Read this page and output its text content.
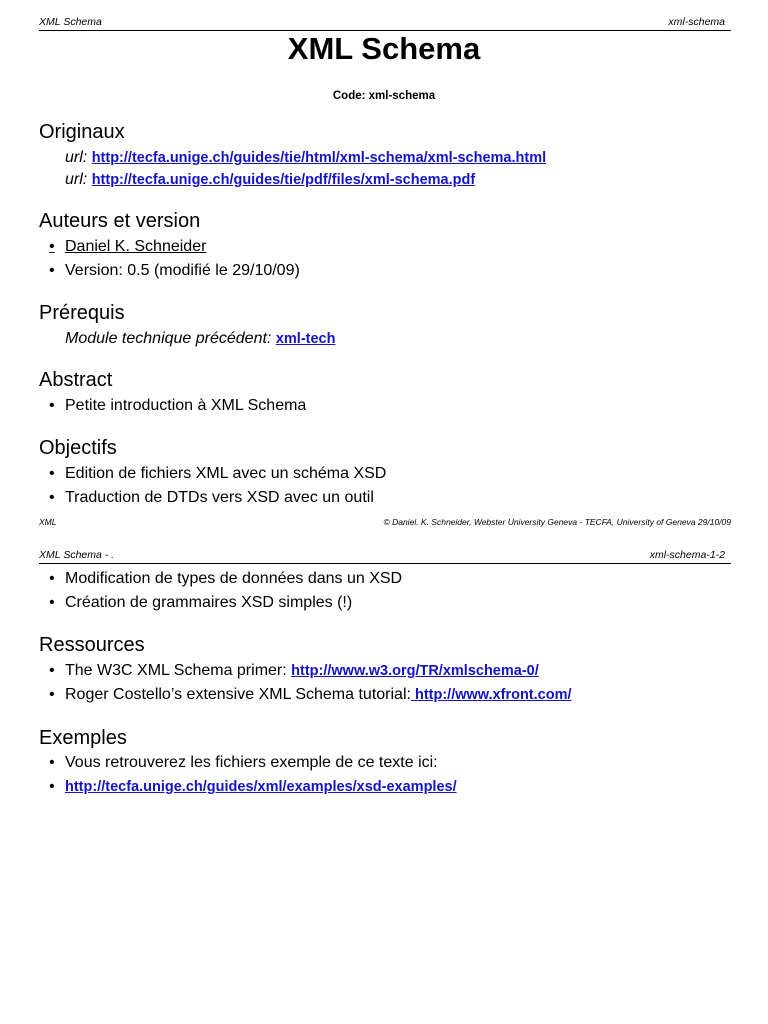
XML Schema	xml-schema
XML Schema
Code: xml-schema
Originaux
url: http://tecfa.unige.ch/guides/tie/html/xml-schema/xml-schema.html
url: http://tecfa.unige.ch/guides/tie/pdf/files/xml-schema.pdf
Auteurs et version
• Daniel K. Schneider
• Version: 0.5 (modifié le 29/10/09)
Prérequis
Module technique précédent: xml-tech
Abstract
• Petite introduction à XML Schema
Objectifs
• Edition de fichiers XML avec un schéma XSD
• Traduction de DTDs vers XSD avec un outil
XML	© Daniel. K. Schneider, Webster University Geneva - TECFA, University of Geneva 29/10/09
XML Schema - .	xml-schema-1-2
• Modification de types de données dans un XSD
• Création de grammaires XSD simples (!)
Ressources
• The W3C XML Schema primer: http://www.w3.org/TR/xmlschema-0/
• Roger Costello’s extensive XML Schema tutorial: http://www.xfront.com/
Exemples
• Vous retrouverez les fichiers exemple de ce texte ici:
• http://tecfa.unige.ch/guides/xml/examples/xsd-examples/
